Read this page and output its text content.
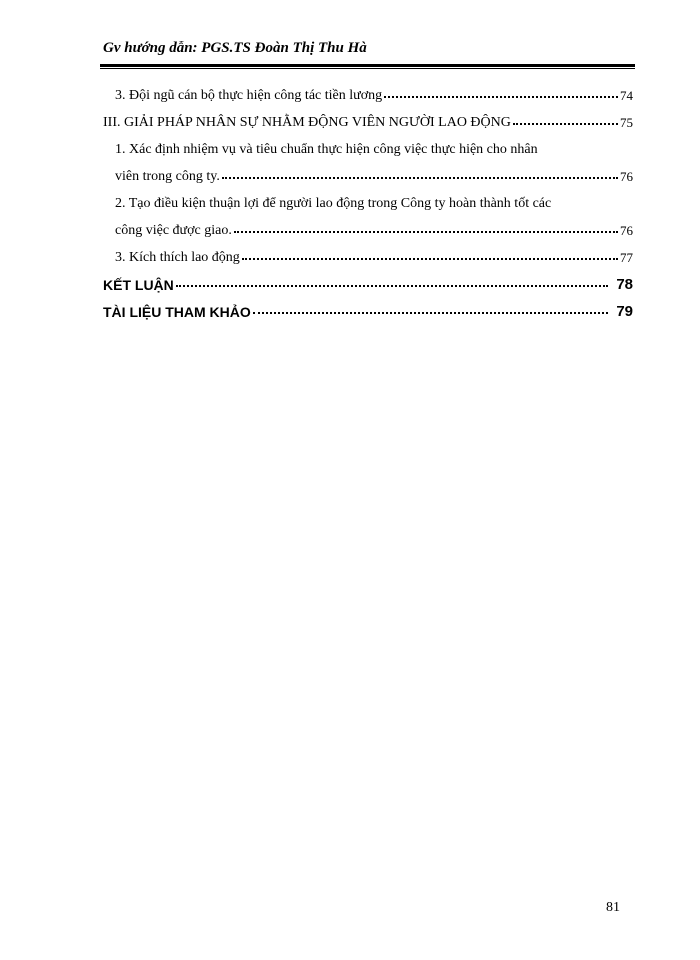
Gv hướng dẫn: PGS.TS Đoàn Thị Thu Hà
3. Đội ngũ cán bộ thực hiện công tác tiền lương	74
III. GIẢI PHÁP NHÂN SỰ NHẰM ĐỘNG VIÊN NGƯỜI LAO ĐỘNG	75
1. Xác định nhiệm vụ và tiêu chuẩn thực hiện công việc thực hiện cho nhân
viên trong công ty.	76
2. Tạo điều kiện thuận lợi để người lao động trong Công ty hoàn thành tốt các
công việc được giao.	76
3. Kích thích lao động	77
KẾT LUẬN	78
TÀI LIỆU THAM KHẢO	79
81
